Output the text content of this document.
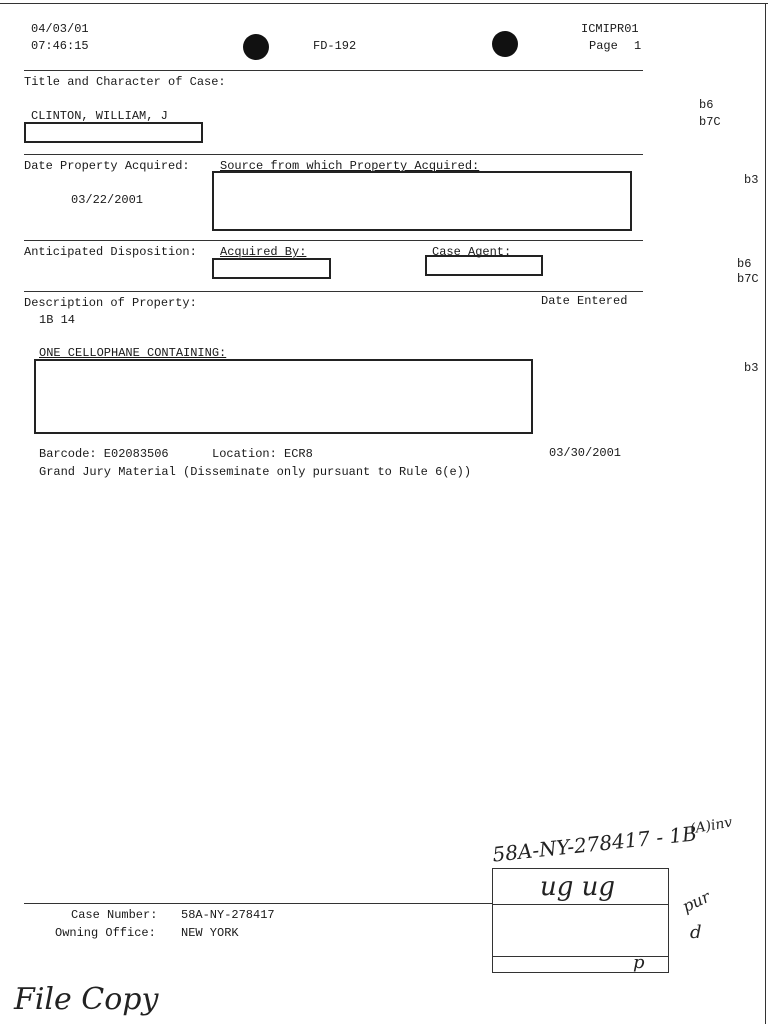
04/03/01
07:46:15	FD-192
ICMIPR01
Page 1
Title and Character of Case:
CLINTON, WILLIAM, J
b6
b7C
Date Property Acquired:	Source from which Property Acquired:
03/22/2001
b3
Anticipated Disposition: Acquired By:	Case Agent:
b6
b7C
Description of Property:	Date Entered
1B 14
ONE CELLOPHANE CONTAINING:
b3
Barcode: E02083506	Location: ECR8	03/30/2001
Grand Jury Material (Disseminate only pursuant to Rule 6(e))
58A-NY-278417 - 1B
(A)inv
ug ug	pur
d
p
Case Number: 58A-NY-278417
Owning Office: NEW YORK
File Copy
